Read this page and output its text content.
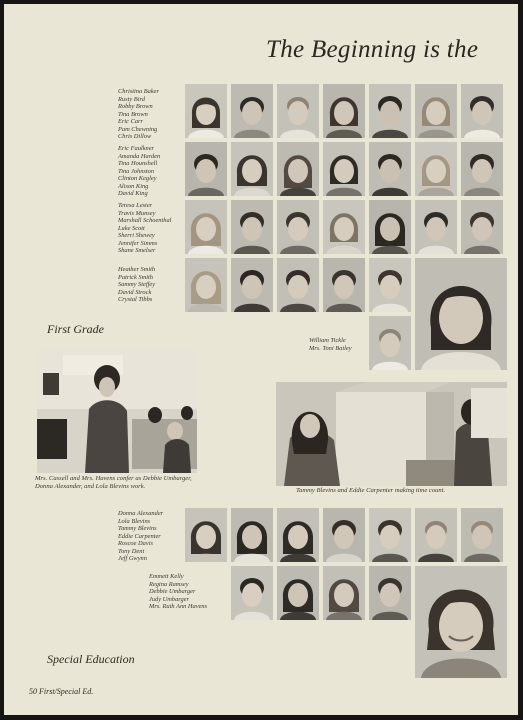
The Beginning is the
Christina Baker
Rusty Bird
Robby Brown
Tina Brown
Eric Carr
Pam Chewning
Chris Dillow
Eric Faulkner
Amanda Harden
Tina Hounshell
Tina Johnston
Clinton Kegley
Alison King
David King
Teresa Lester
Travis Munsey
Marshall Schoenthal
Luke Scott
Sherri Shewey
Jennifer Simms
Shane Smelser
Heather Smith
Patrick Smith
Sammy Steffey
David Strock
Crystal Tibbs
William Tickle
Mrs. Toni Bailey
First Grade
Mrs. Cassell and Mrs. Havens confer as Debbie Umbarger, Donna Alexander, and Lola Blevins work.
Tammy Blevins and Eddie Carpenter making time count.
Donna Alexander
Lola Blevins
Tammy Blevins
Eddie Carpenter
Roscoe Davis
Tony Dent
Jeff Gwynn
Emmett Kelly
Regina Ramsey
Debbie Umbarger
Judy Umbarger
Mrs. Ruth Ann Havens
Special Education
50 First/Special Ed.
